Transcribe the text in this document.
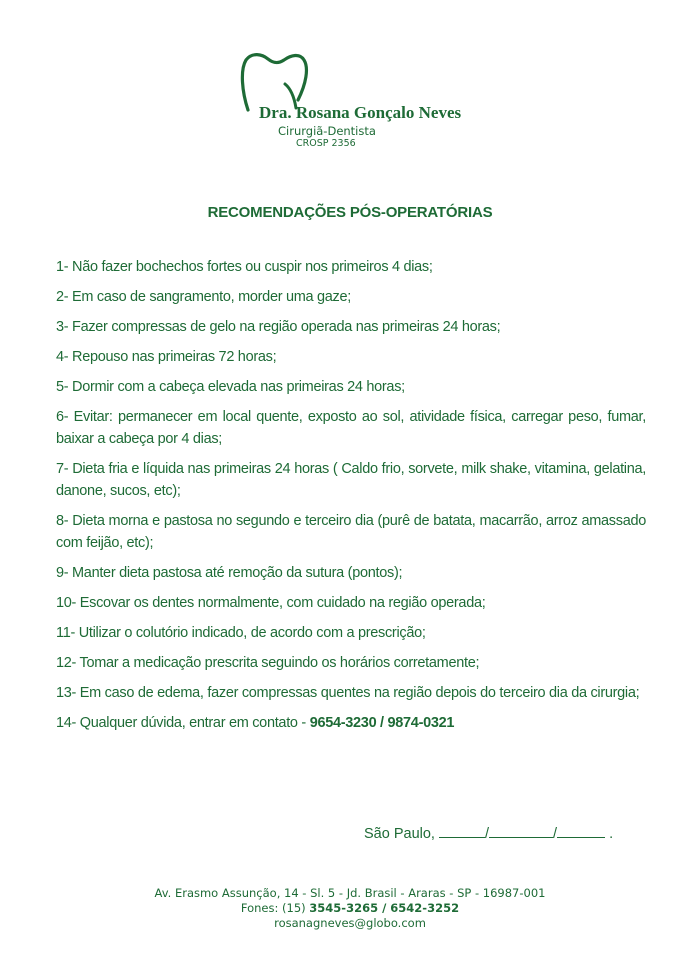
Dra. Rosana Gonçalo Neves
Cirurgiã-Dentista
CROSP 2356
RECOMENDAÇÕES PÓS-OPERATÓRIAS
1- Não fazer bochechos fortes ou cuspir nos primeiros 4 dias;
2- Em caso de sangramento, morder uma gaze;
3- Fazer compressas de gelo na região operada nas primeiras 24 horas;
4- Repouso nas primeiras 72 horas;
5- Dormir com a cabeça elevada nas primeiras 24 horas;
6- Evitar: permanecer em local quente, exposto ao sol, atividade física, carregar peso, fumar, baixar a cabeça por 4 dias;
7- Dieta fria e líquida nas primeiras 24 horas ( Caldo frio, sorvete, milk shake, vitamina, gelatina, danone, sucos, etc);
8- Dieta morna e pastosa no segundo e terceiro dia (purê de batata, macarrão, arroz amassado com feijão, etc);
9- Manter dieta pastosa até remoção da sutura (pontos);
10- Escovar os dentes normalmente, com cuidado na região operada;
11- Utilizar o colutório indicado, de acordo com a prescrição;
12- Tomar a medicação prescrita seguindo os horários corretamente;
13- Em caso de edema, fazer compressas quentes na região depois do terceiro dia da cirurgia;
14- Qualquer dúvida, entrar em contato - 9654-3230 / 9874-0321
São Paulo,	/	/	.
Av. Erasmo Assunção, 14 - Sl. 5 - Jd. Brasil - Araras - SP - 16987-001
Fones: (15) 3545-3265 / 6542-3252
rosanagneves@globo.com
